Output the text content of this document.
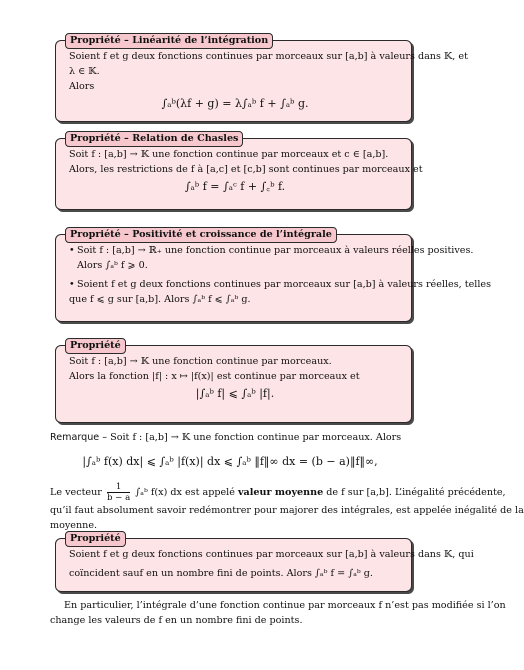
Propriété – Linéarité de l’intégration
Soient f et g deux fonctions continues par morceaux sur [a,b] à valeurs dans 𝕂, et
λ ∈ 𝕂.
Alors
∫ₐᵇ(λf + g) = λ∫ₐᵇ f + ∫ₐᵇ g.
Propriété – Relation de Chasles
Soit f : [a,b] → 𝕂 une fonction continue par morceaux et c ∈ [a,b].
Alors, les restrictions de f à [a,c] et [c,b] sont continues par morceaux et
∫ₐᵇ f = ∫ₐᶜ f + ∫꜀ᵇ f.
Propriété – Positivité et croissance de l’intégrale
• Soit f : [a,b] → ℝ₊ une fonction continue par morceaux à valeurs réelles positives.
Alors ∫ₐᵇ f ⩾ 0.
• Soient f et g deux fonctions continues par morceaux sur [a,b] à valeurs réelles, telles
que f ⩽ g sur [a,b]. Alors ∫ₐᵇ f ⩽ ∫ₐᵇ g.
Propriété
Soit f : [a,b] → 𝕂 une fonction continue par morceaux.
Alors la fonction |f| : x ↦ |f(x)| est continue par morceaux et
|∫ₐᵇ f| ⩽ ∫ₐᵇ |f|.
Remarque – Soit f : [a,b] → 𝕂 une fonction continue par morceaux. Alors
|∫ₐᵇ f(x) dx| ⩽ ∫ₐᵇ |f(x)| dx ⩽ ∫ₐᵇ ‖f‖∞ dx = (b − a)‖f‖∞,
Le vecteur $\frac{1}{b - a}$ ∫ₐᵇ f(x) dx est appelé valeur moyenne de f sur [a,b]. L’inégalité précédente,
qu’il faut absolument savoir redémontrer pour majorer des intégrales, est appelée inégalité de la
moyenne.
Propriété
Soient f et g deux fonctions continues par morceaux sur [a,b] à valeurs dans 𝕂, qui
coïncident sauf en un nombre fini de points. Alors ∫ₐᵇ f = ∫ₐᵇ g.
En particulier, l’intégrale d’une fonction continue par morceaux f n’est pas modifiée si l’on
change les valeurs de f en un nombre fini de points.
